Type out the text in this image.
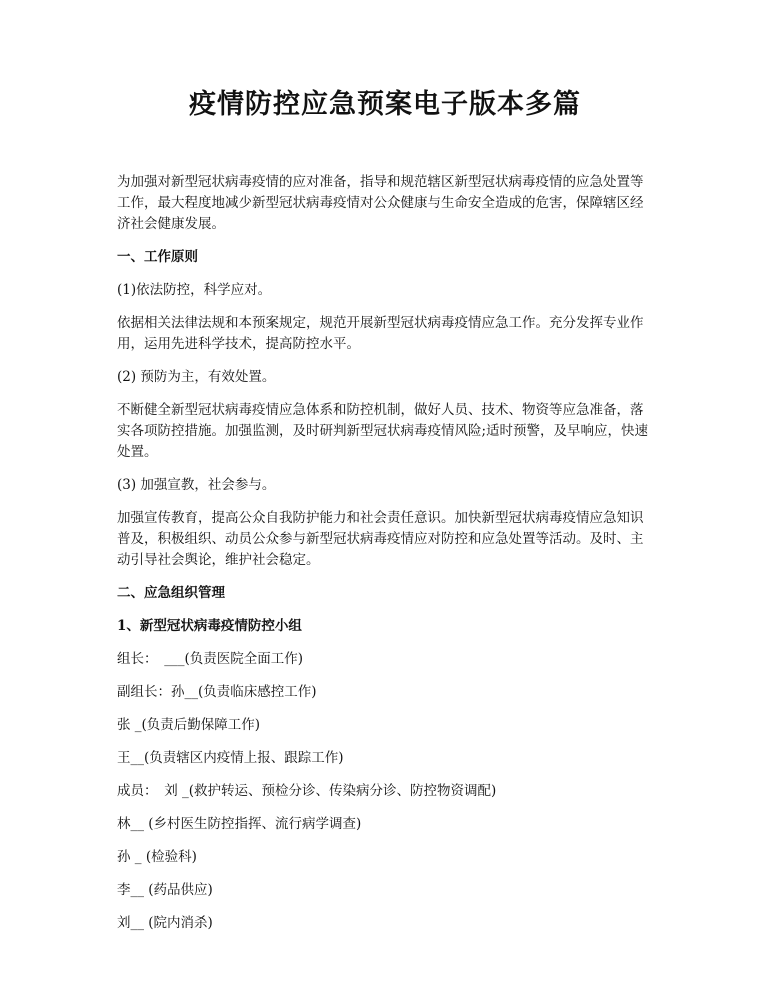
疫情防控应急预案电子版本多篇

为加强对新型冠状病毒疫情的应对准备，指导和规范辖区新型冠状病毒疫情的应急处置等工作，最大程度地减少新型冠状病毒疫情对公众健康与生命安全造成的危害，保障辖区经济社会健康发展。

一、工作原则

(1)依法防控，科学应对。

依据相关法律法规和本预案规定，规范开展新型冠状病毒疫情应急工作。充分发挥专业作用，运用先进科学技术，提高防控水平。

(2) 预防为主，有效处置。

不断健全新型冠状病毒疫情应急体系和防控机制，做好人员、技术、物资等应急准备，落实各项防控措施。加强监测，及时研判新型冠状病毒疫情风险;适时预警，及早响应，快速处置。

(3) 加强宣教，社会参与。

加强宣传教育，提高公众自我防护能力和社会责任意识。加快新型冠状病毒疫情应急知识普及，积极组织、动员公众参与新型冠状病毒疫情应对防控和应急处置等活动。及时、主动引导社会舆论，维护社会稳定。

二、应急组织管理

1、新型冠状病毒疫情防控小组

组长：　___(负责医院全面工作)

副组长：孙__(负责临床感控工作)

张 _(负责后勤保障工作)

王__(负责辖区内疫情上报、跟踪工作)

成员：　刘 _(救护转运、预检分诊、传染病分诊、防控物资调配)

林__ (乡村医生防控指挥、流行病学调查)

孙 _ (检验科)

李__ (药品供应)

刘__ (院内消杀)
